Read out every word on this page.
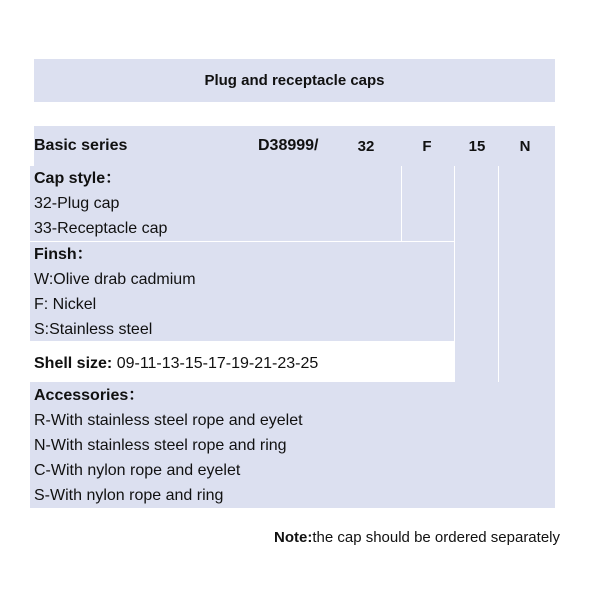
Plug and receptacle caps
Basic series	D38999/	32	F	15	N
Cap style：
32-Plug cap
33-Receptacle cap
Finsh：
W:Olive drab cadmium
F: Nickel
S:Stainless steel
Shell size: 09-11-13-15-17-19-21-23-25
Accessories：
R-With stainless steel rope and eyelet
N-With stainless steel rope and ring
C-With nylon rope and eyelet
S-With nylon rope and ring
Note:the cap should be ordered separately
